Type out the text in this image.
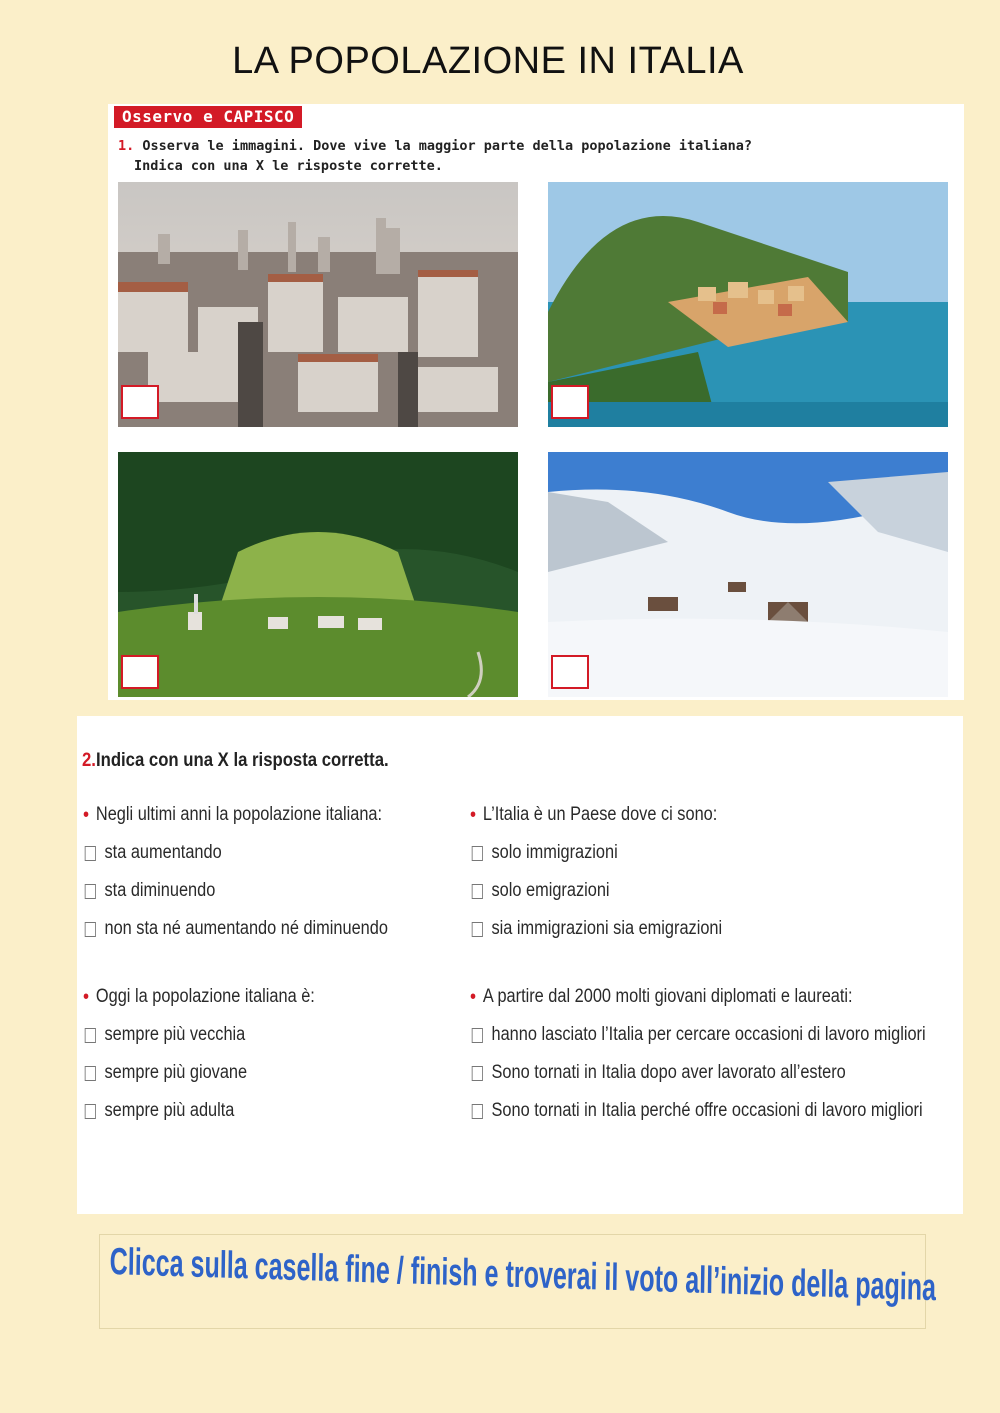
LA POPOLAZIONE IN ITALIA
Osservo e CAPISCO
1. Osserva le immagini. Dove vive la maggior parte della popolazione italiana?
Indica con una X le risposte corrette.
2.Indica con una X la risposta corretta.
• Negli ultimi anni la popolazione italiana:
sta aumentando
sta diminuendo
non sta né aumentando né diminuendo
• Oggi la popolazione italiana è:
sempre più vecchia
sempre più giovane
sempre più adulta
• L’Italia è un Paese dove ci sono:
solo immigrazioni
solo emigrazioni
sia immigrazioni sia emigrazioni
• A partire dal 2000 molti giovani diplomati e laureati:
hanno lasciato l’Italia per cercare occasioni di lavoro migliori
Sono tornati in Italia dopo aver lavorato all’estero
Sono tornati in Italia perché offre occasioni di lavoro migliori
Clicca sulla casella fine / finish e troverai il voto all’inizio della pagina
